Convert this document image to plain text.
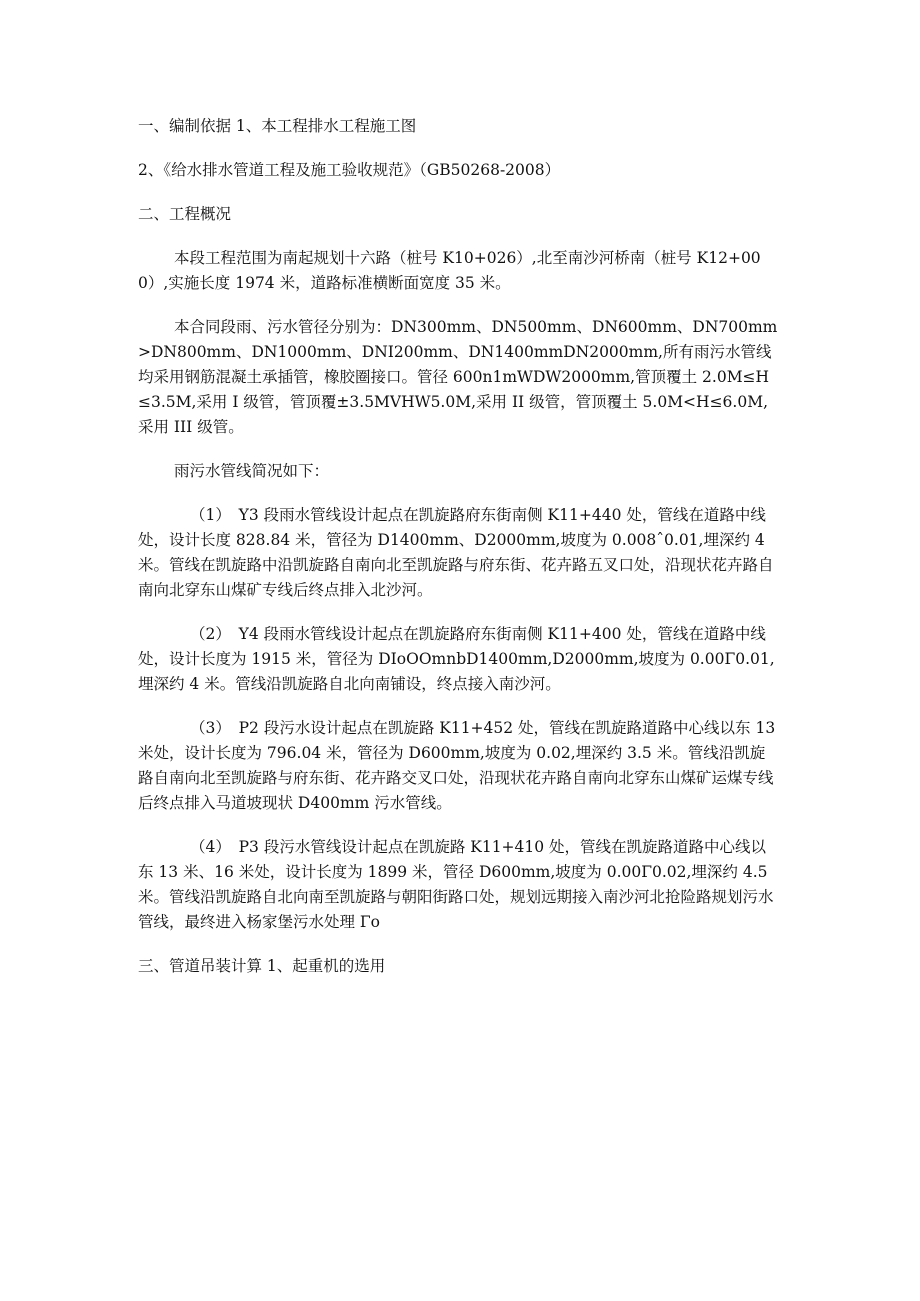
一、编制依据 1、本工程排水工程施工图

2、《给水排水管道工程及施工验收规范》（GB50268-2008）

二、工程概况

本段工程范围为南起规划十六路（桩号 K10+026）,北至南沙河桥南（桩号 K12+000）,实施长度 1974 米，道路标准横断面宽度 35 米。

本合同段雨、污水管径分别为：DN300mm、DN500mm、DN600mm、DN700mm>DN800mm、DN1000mm、DNI200mm、DN1400mmDN2000mm,所有雨污水管线均采用钢筋混凝土承插管，橡胶圈接口。管径 600n1mWDW2000mm,管顶覆土 2.0M≤H≤3.5M,采用 I 级管，管顶覆±3.5MVHW5.0M,采用 II 级管，管顶覆土 5.0M<H≤6.0M,采用 III 级管。

雨污水管线简况如下：

（1）　Y3 段雨水管线设计起点在凯旋路府东街南侧 K11+440 处，管线在道路中线处，设计长度 828.84 米，管径为 D1400mm、D2000mm,坡度为 0.008ˆ0.01,埋深约 4 米。管线在凯旋路中沿凯旋路自南向北至凯旋路与府东街、花卉路五叉口处，沿现状花卉路自南向北穿东山煤矿专线后终点排入北沙河。

（2）　Y4 段雨水管线设计起点在凯旋路府东街南侧 K11+400 处，管线在道路中线处，设计长度为 1915 米，管径为 DIoOOmnbD1400mm,D2000mm,坡度为 0.00Γ0.01,埋深约 4 米。管线沿凯旋路自北向南铺设，终点接入南沙河。

（3）　P2 段污水设计起点在凯旋路 K11+452 处，管线在凯旋路道路中心线以东 13 米处，设计长度为 796.04 米，管径为 D600mm,坡度为 0.02,埋深约 3.5 米。管线沿凯旋路自南向北至凯旋路与府东街、花卉路交叉口处，沿现状花卉路自南向北穿东山煤矿运煤专线后终点排入马道坡现状 D400mm 污水管线。

（4）　P3 段污水管线设计起点在凯旋路 K11+410 处，管线在凯旋路道路中心线以东 13 米、16 米处，设计长度为 1899 米，管径 D600mm,坡度为 0.00Γ0.02,埋深约 4.5 米。管线沿凯旋路自北向南至凯旋路与朝阳街路口处，规划远期接入南沙河北抢险路规划污水管线，最终进入杨家堡污水处理 Γo

三、管道吊装计算 1、起重机的选用
